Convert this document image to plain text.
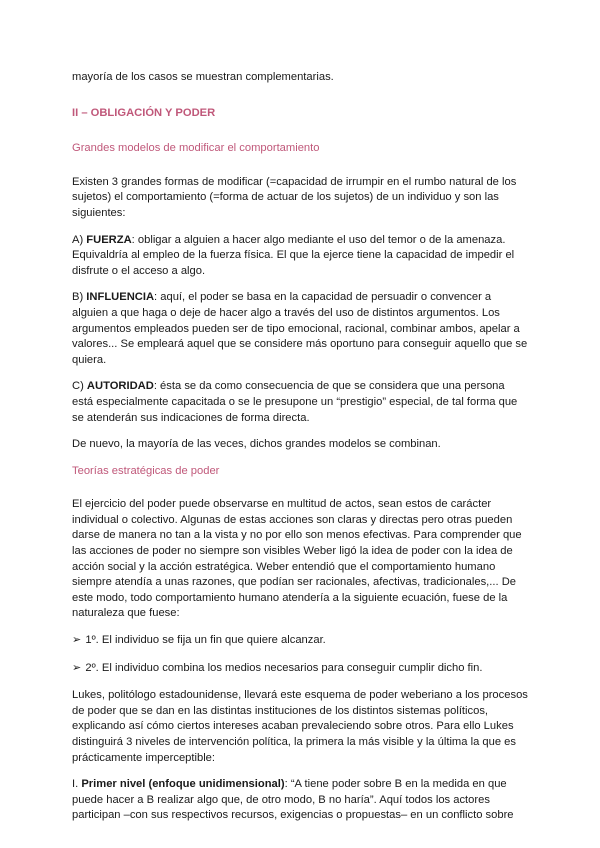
mayoría de los casos se muestran complementarias.

II – OBLIGACIÓN Y PODER

Grandes modelos de modificar el comportamiento

Existen 3 grandes formas de modificar (=capacidad de irrumpir en el rumbo natural de los sujetos) el comportamiento (=forma de actuar de los sujetos) de un individuo y son las siguientes:

A) FUERZA: obligar a alguien a hacer algo mediante el uso del temor o de la amenaza. Equivaldría al empleo de la fuerza física. El que la ejerce tiene la capacidad de impedir el disfrute o el acceso a algo.

B) INFLUENCIA: aquí, el poder se basa en la capacidad de persuadir o convencer a alguien a que haga o deje de hacer algo a través del uso de distintos argumentos. Los argumentos empleados pueden ser de tipo emocional, racional, combinar ambos, apelar a valores... Se empleará aquel que se considere más oportuno para conseguir aquello que se quiera.

C) AUTORIDAD: ésta se da como consecuencia de que se considera que una persona está especialmente capacitada o se le presupone un “prestigio” especial, de tal forma que se atenderán sus indicaciones de forma directa.

De nuevo, la mayoría de las veces, dichos grandes modelos se combinan.

Teorías estratégicas de poder

El ejercicio del poder puede observarse en multitud de actos, sean estos de carácter individual o colectivo. Algunas de estas acciones son claras y directas pero otras pueden darse de manera no tan a la vista y no por ello son menos efectivas. Para comprender que las acciones de poder no siempre son visibles Weber ligó la idea de poder con la idea de acción social y la acción estratégica. Weber entendió que el comportamiento humano siempre atendía a unas razones, que podían ser racionales, afectivas, tradicionales,... De este modo, todo comportamiento humano atendería a la siguiente ecuación, fuese de la naturaleza que fuese:

➢ 1º. El individuo se fija un fin que quiere alcanzar.

➢ 2º. El individuo combina los medios necesarios para conseguir cumplir dicho fin.

Lukes, politólogo estadounidense, llevará este esquema de poder weberiano a los procesos de poder que se dan en las distintas instituciones de los distintos sistemas políticos, explicando así cómo ciertos intereses acaban prevaleciendo sobre otros. Para ello Lukes distinguirá 3 niveles de intervención política, la primera la más visible y la última la que es prácticamente imperceptible:

I. Primer nivel (enfoque unidimensional): “A tiene poder sobre B en la medida en que puede hacer a B realizar algo que, de otro modo, B no haría”. Aquí todos los actores participan –con sus respectivos recursos, exigencias o propuestas– en un conflicto sobre
